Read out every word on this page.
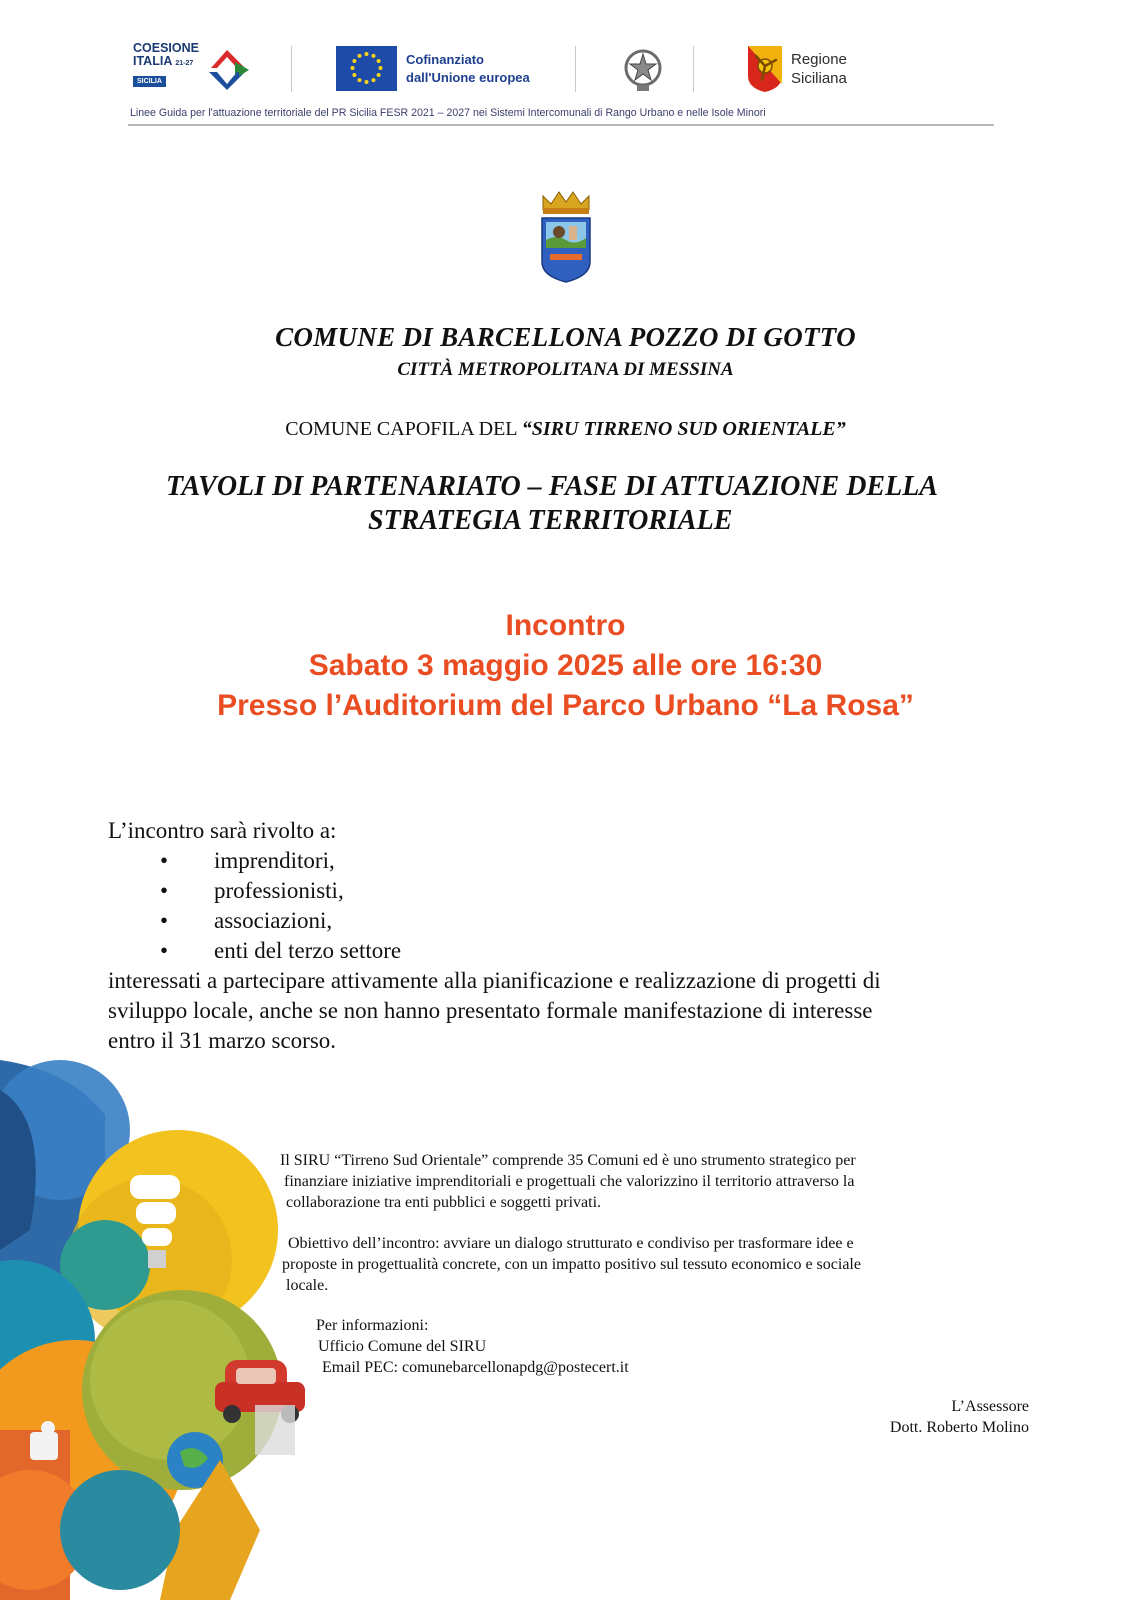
COESIONE
ITALIA 21-27
SICILIA
Cofinanziato
dall'Unione europea
Regione
Siciliana
Linee Guida per l'attuazione territoriale del PR Sicilia FESR 2021 – 2027 nei Sistemi Intercomunali di Rango Urbano e nelle Isole Minori
COMUNE DI BARCELLONA POZZO DI GOTTO
CITTÀ METROPOLITANA DI MESSINA
COMUNE CAPOFILA DEL “SIRU TIRRENO SUD ORIENTALE”
TAVOLI DI PARTENARIATO – FASE DI ATTUAZIONE DELLA
STRATEGIA TERRITORIALE
Incontro
Sabato 3 maggio 2025 alle ore 16:30
Presso l’Auditorium del Parco Urbano “La Rosa”
L’incontro sarà rivolto a:
• imprenditori,
• professionisti,
• associazioni,
• enti del terzo settore
interessati a partecipare attivamente alla pianificazione e realizzazione di progetti di
sviluppo locale, anche se non hanno presentato formale manifestazione di interesse
entro il 31 marzo scorso.
Il SIRU “Tirreno Sud Orientale” comprende 35 Comuni ed è uno strumento strategico per
finanziare iniziative imprenditoriali e progettuali che valorizzino il territorio attraverso la
collaborazione tra enti pubblici e soggetti privati.
Obiettivo dell’incontro: avviare un dialogo strutturato e condiviso per trasformare idee e
proposte in progettualità concrete, con un impatto positivo sul tessuto economico e sociale
locale.
Per informazioni:
Ufficio Comune del SIRU
Email PEC: comunebarcellonapdg@postecert.it
L’Assessore
Dott. Roberto Molino
